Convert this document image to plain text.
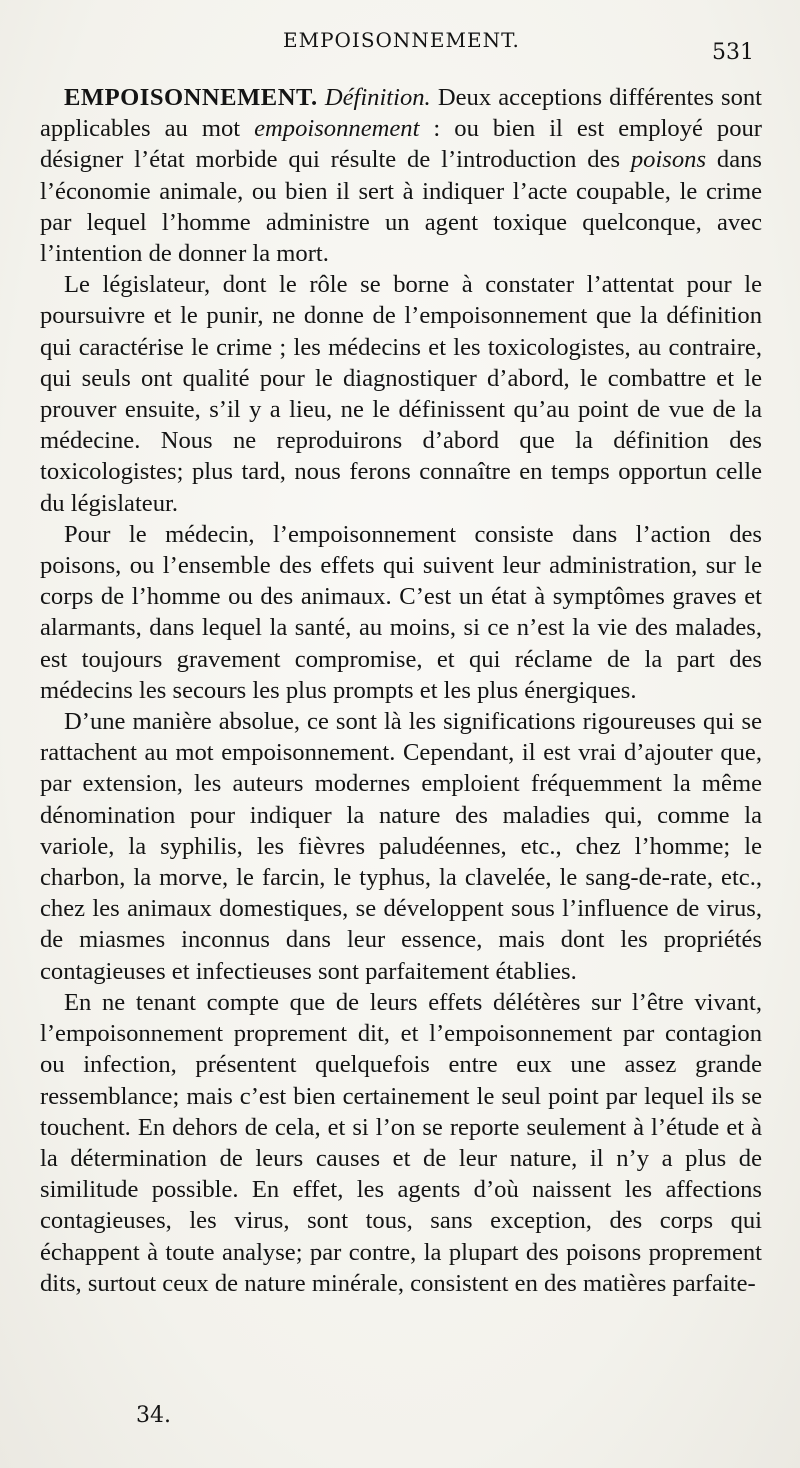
EMPOISONNEMENT.	531

EMPOISONNEMENT. Définition. Deux acceptions différentes sont applicables au mot empoisonnement : ou bien il est employé pour désigner l’état morbide qui résulte de l’introduction des poisons dans l’économie animale, ou bien il sert à indiquer l’acte coupable, le crime par lequel l’homme administre un agent toxique quelconque, avec l’intention de donner la mort.

Le législateur, dont le rôle se borne à constater l’attentat pour le poursuivre et le punir, ne donne de l’empoisonnement que la définition qui caractérise le crime ; les médecins et les toxicologistes, au contraire, qui seuls ont qualité pour le diagnostiquer d’abord, le combattre et le prouver ensuite, s’il y a lieu, ne le définissent qu’au point de vue de la médecine. Nous ne reproduirons d’abord que la définition des toxicologistes; plus tard, nous ferons connaître en temps opportun celle du législateur.

Pour le médecin, l’empoisonnement consiste dans l’action des poisons, ou l’ensemble des effets qui suivent leur administration, sur le corps de l’homme ou des animaux. C’est un état à symptômes graves et alarmants, dans lequel la santé, au moins, si ce n’est la vie des malades, est toujours gravement compromise, et qui réclame de la part des médecins les secours les plus prompts et les plus énergiques.

D’une manière absolue, ce sont là les significations rigoureuses qui se rattachent au mot empoisonnement. Cependant, il est vrai d’ajouter que, par extension, les auteurs modernes emploient fréquemment la même dénomination pour indiquer la nature des maladies qui, comme la variole, la syphilis, les fièvres paludéennes, etc., chez l’homme; le charbon, la morve, le farcin, le typhus, la clavelée, le sang-de-rate, etc., chez les animaux domestiques, se développent sous l’influence de virus, de miasmes inconnus dans leur essence, mais dont les propriétés contagieuses et infectieuses sont parfaitement établies.

En ne tenant compte que de leurs effets délétères sur l’être vivant, l’empoisonnement proprement dit, et l’empoisonnement par contagion ou infection, présentent quelquefois entre eux une assez grande ressemblance; mais c’est bien certainement le seul point par lequel ils se touchent. En dehors de cela, et si l’on se reporte seulement à l’étude et à la détermination de leurs causes et de leur nature, il n’y a plus de similitude possible. En effet, les agents d’où naissent les affections contagieuses, les virus, sont tous, sans exception, des corps qui échappent à toute analyse; par contre, la plupart des poisons proprement dits, surtout ceux de nature minérale, consistent en des matières parfaite-

34.
